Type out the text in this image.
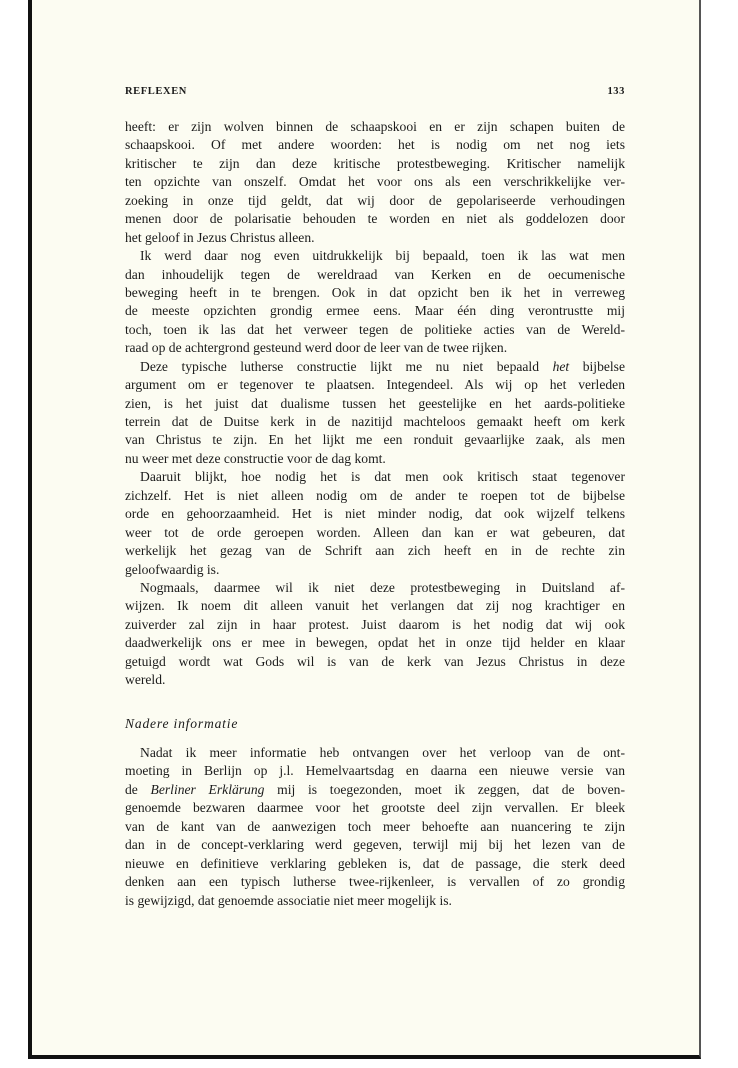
REFLEXEN	133
heeft: er zijn wolven binnen de schaapskooi en er zijn schapen buiten de
schaapskooi. Of met andere woorden: het is nodig om net nog iets
kritischer te zijn dan deze kritische protestbeweging. Kritischer namelijk
ten opzichte van onszelf. Omdat het voor ons als een verschrikkelijke ver-
zoeking in onze tijd geldt, dat wij door de gepolariseerde verhoudingen
menen door de polarisatie behouden te worden en niet als goddelozen door
het geloof in Jezus Christus alleen.
Ik werd daar nog even uitdrukkelijk bij bepaald, toen ik las wat men
dan inhoudelijk tegen de wereldraad van Kerken en de oecumenische
beweging heeft in te brengen. Ook in dat opzicht ben ik het in verreweg
de meeste opzichten grondig ermee eens. Maar één ding verontrustte mij
toch, toen ik las dat het verweer tegen de politieke acties van de Wereld-
raad op de achtergrond gesteund werd door de leer van de twee rijken.
Deze typische lutherse constructie lijkt me nu niet bepaald het bijbelse
argument om er tegenover te plaatsen. Integendeel. Als wij op het verleden
zien, is het juist dat dualisme tussen het geestelijke en het aards-politieke
terrein dat de Duitse kerk in de nazitijd machteloos gemaakt heeft om kerk
van Christus te zijn. En het lijkt me een ronduit gevaarlijke zaak, als men
nu weer met deze constructie voor de dag komt.
Daaruit blijkt, hoe nodig het is dat men ook kritisch staat tegenover
zichzelf. Het is niet alleen nodig om de ander te roepen tot de bijbelse
orde en gehoorzaamheid. Het is niet minder nodig, dat ook wijzelf telkens
weer tot de orde geroepen worden. Alleen dan kan er wat gebeuren, dat
werkelijk het gezag van de Schrift aan zich heeft en in de rechte zin
geloofwaardig is.
Nogmaals, daarmee wil ik niet deze protestbeweging in Duitsland af-
wijzen. Ik noem dit alleen vanuit het verlangen dat zij nog krachtiger en
zuiverder zal zijn in haar protest. Juist daarom is het nodig dat wij ook
daadwerkelijk ons er mee in bewegen, opdat het in onze tijd helder en klaar
getuigd wordt wat Gods wil is van de kerk van Jezus Christus in deze
wereld.
Nadere informatie
Nadat ik meer informatie heb ontvangen over het verloop van de ont-
moeting in Berlijn op j.l. Hemelvaartsdag en daarna een nieuwe versie van
de Berliner Erklärung mij is toegezonden, moet ik zeggen, dat de boven-
genoemde bezwaren daarmee voor het grootste deel zijn vervallen. Er bleek
van de kant van de aanwezigen toch meer behoefte aan nuancering te zijn
dan in de concept-verklaring werd gegeven, terwijl mij bij het lezen van de
nieuwe en definitieve verklaring gebleken is, dat de passage, die sterk deed
denken aan een typisch lutherse twee-rijkenleer, is vervallen of zo grondig
is gewijzigd, dat genoemde associatie niet meer mogelijk is.
